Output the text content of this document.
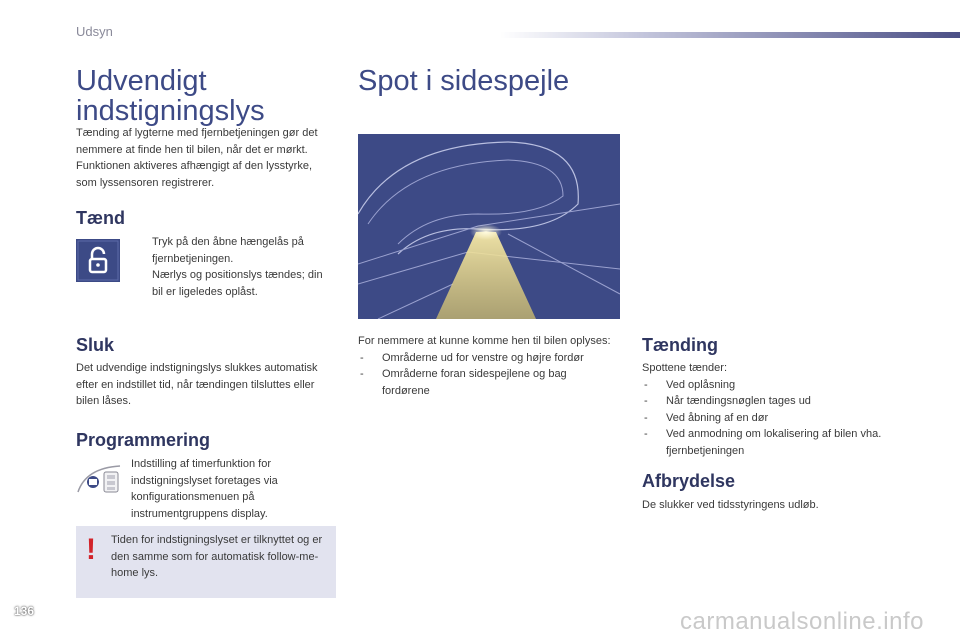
Udsyn
Udvendigt
indstigningslys
Tænding af lygterne med fjernbetjeningen gør det nemmere at finde hen til bilen, når det er mørkt. Funktionen aktiveres afhængigt af den lysstyrke, som lyssensoren registrerer.
Tænd
Tryk på den åbne hængelås på fjernbetjeningen.
Nærlys og positionslys tændes; din bil er ligeledes oplåst.
Sluk
Det udvendige indstigningslys slukkes automatisk efter en indstillet tid, når tændingen tilsluttes eller bilen låses.
Programmering
Indstilling af timerfunktion for indstigningslyset foretages via konfigurationsmenuen på instrumentgruppens display.
! Tiden for indstigningslyset er tilknyttet og er den samme som for automatisk follow-me-home lys.
Spot i sidespejle
For nemmere at kunne komme hen til bilen oplyses:
- Områderne ud for venstre og højre fordør
- Områderne foran sidespejlene og bag fordørene
Tænding
Spottene tænder:
- Ved oplåsning
- Når tændingsnøglen tages ud
- Ved åbning af en dør
- Ved anmodning om lokalisering af bilen vha. fjernbetjeningen
Afbrydelse
De slukker ved tidsstyringens udløb.
136	carmanualsonline.info
